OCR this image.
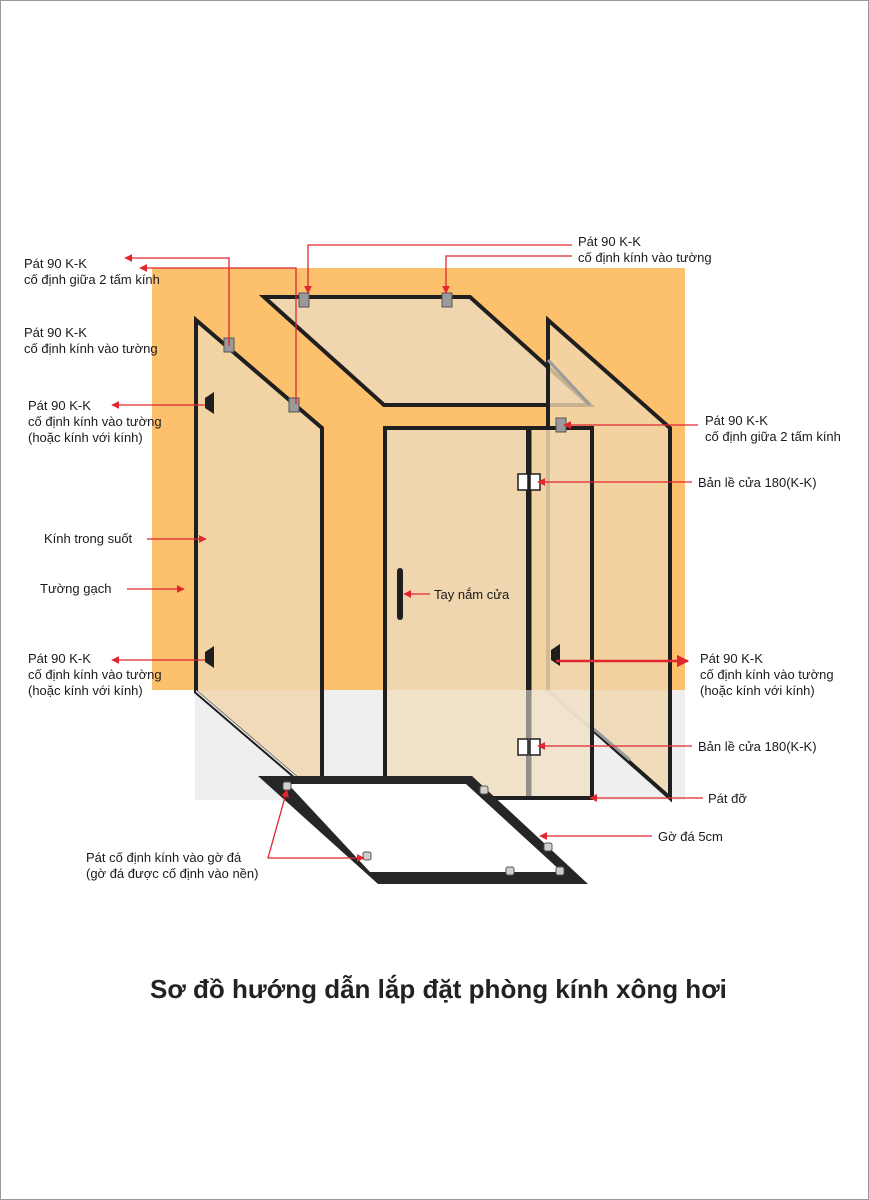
Pát 90 K-K
cố định giữa 2 tấm kính
Pát 90 K-K
cố định kính vào tường
Pát 90 K-K
cố định kính vào tường
(hoặc kính với kính)
Kính trong suốt
Tường gạch
Pát 90 K-K
cố định kính vào tường
(hoặc kính với kính)
Pát 90 K-K
cố định kính vào tường
Pát 90 K-K
cố định giữa 2 tấm kính
Bản lề cửa 180(K-K)
Tay nắm cửa
Pát 90 K-K
cố định kính vào tường
(hoặc kính với kính)
Bản lề cửa 180(K-K)
Pát đỡ
Gờ đá 5cm
Pát cố định kính vào gờ đá
(gờ đá được cố định vào nền)
Sơ đồ hướng dẫn lắp đặt phòng kính xông hơi
